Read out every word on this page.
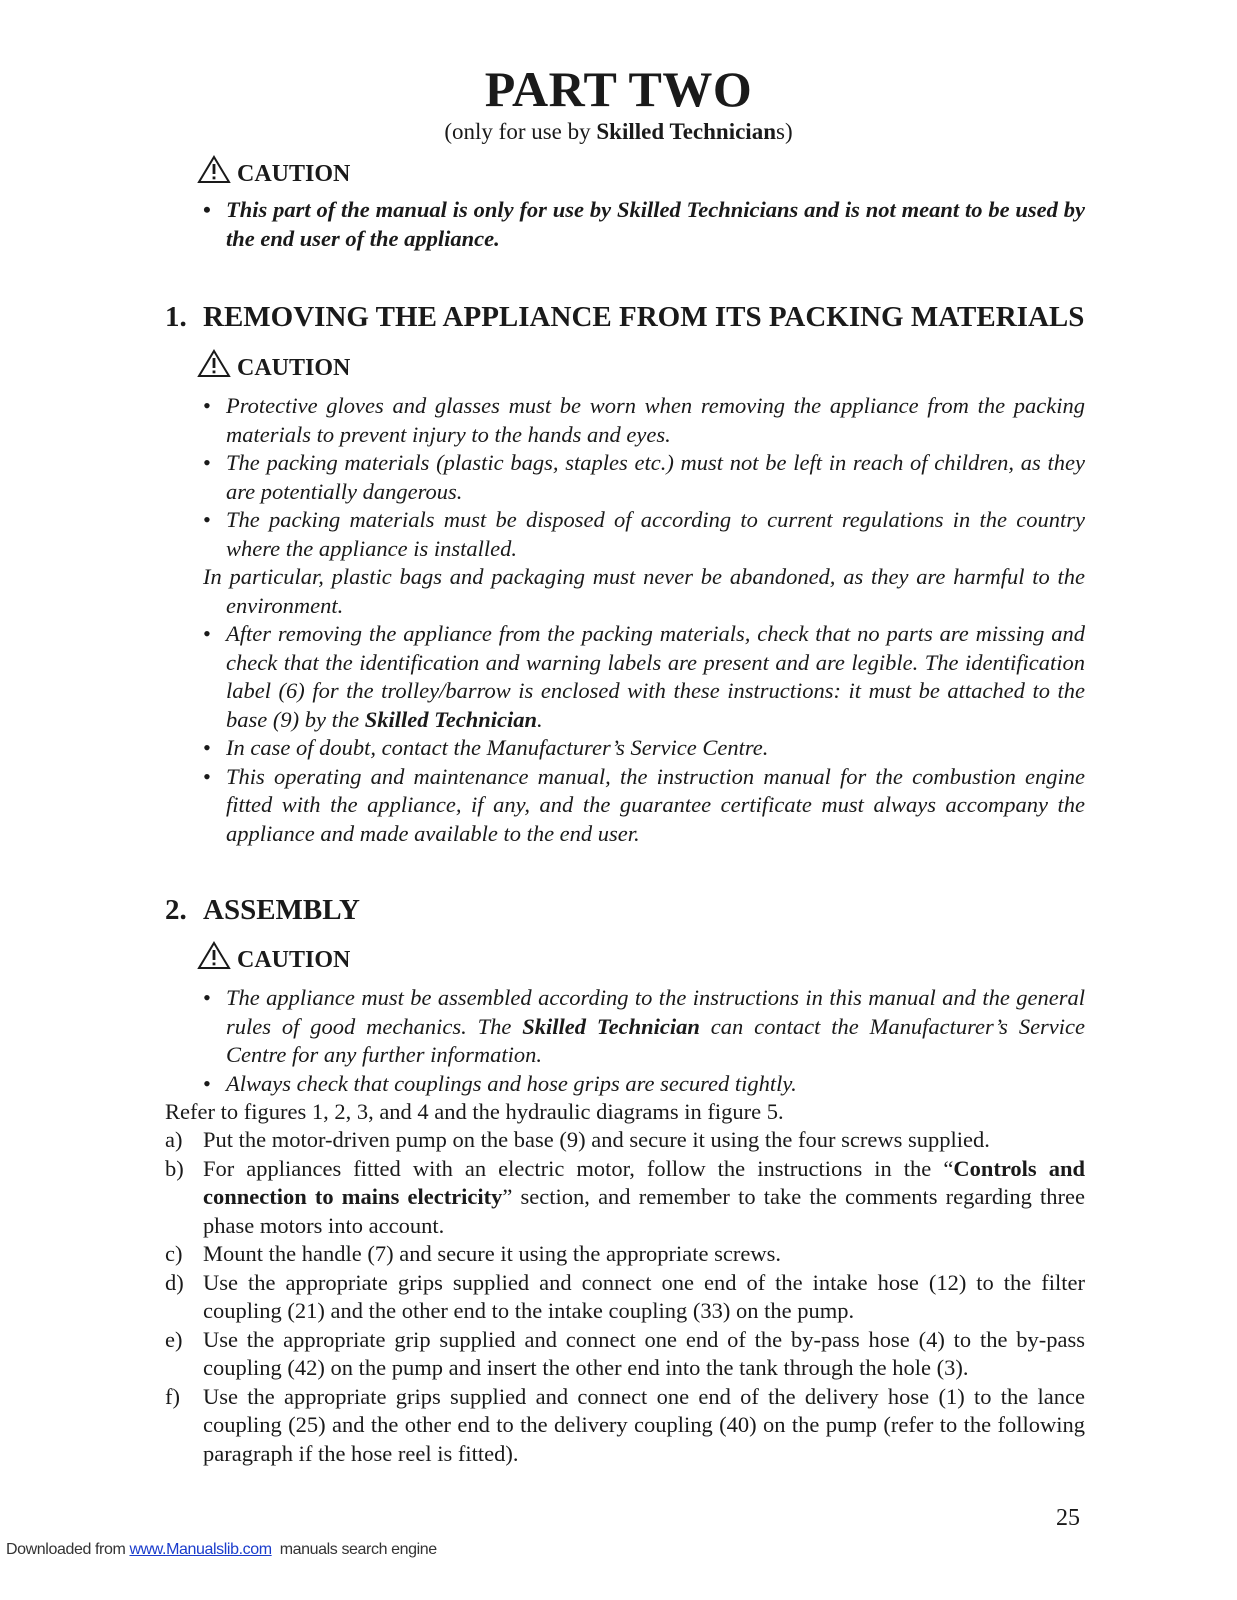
PART TWO
(only for use by Skilled Technicians)
CAUTION
• This part of the manual is only for use by Skilled Technicians and is not meant to be used by the end user of the appliance.
1. REMOVING THE APPLIANCE FROM ITS PACKING MATERIALS
CAUTION
• Protective gloves and glasses must be worn when removing the appliance from the packing materials to prevent injury to the hands and eyes.
• The packing materials (plastic bags, staples etc.) must not be left in reach of children, as they are potentially dangerous.
• The packing materials must be disposed of according to current regulations in the country where the appliance is installed.
In particular, plastic bags and packaging must never be abandoned, as they are harmful to the environment.
• After removing the appliance from the packing materials, check that no parts are missing and check that the identification and warning labels are present and are legible. The identification label (6) for the trolley/barrow is enclosed with these instructions: it must be attached to the base (9) by the Skilled Technician.
• In case of doubt, contact the Manufacturer’s Service Centre.
• This operating and maintenance manual, the instruction manual for the combustion engine fitted with the appliance, if any, and the guarantee certificate must always accompany the appliance and made available to the end user.
2. ASSEMBLY
CAUTION
• The appliance must be assembled according to the instructions in this manual and the general rules of good mechanics. The Skilled Technician can contact the Manufacturer’s Service Centre for any further information.
• Always check that couplings and hose grips are secured tightly.
Refer to figures 1, 2, 3, and 4 and the hydraulic diagrams in figure 5.
a) Put the motor-driven pump on the base (9) and secure it using the four screws supplied.
b) For appliances fitted with an electric motor, follow the instructions in the “Controls and connection to mains electricity” section, and remember to take the comments regarding three phase motors into account.
c) Mount the handle (7) and secure it using the appropriate screws.
d) Use the appropriate grips supplied and connect one end of the intake hose (12) to the filter coupling (21) and the other end to the intake coupling (33) on the pump.
e) Use the appropriate grip supplied and connect one end of the by-pass hose (4) to the by-pass coupling (42) on the pump and insert the other end into the tank through the hole (3).
f) Use the appropriate grips supplied and connect one end of the delivery hose (1) to the lance coupling (25) and the other end to the delivery coupling (40) on the pump (refer to the following paragraph if the hose reel is fitted).
25
Downloaded from www.Manualslib.com  manuals search engine
